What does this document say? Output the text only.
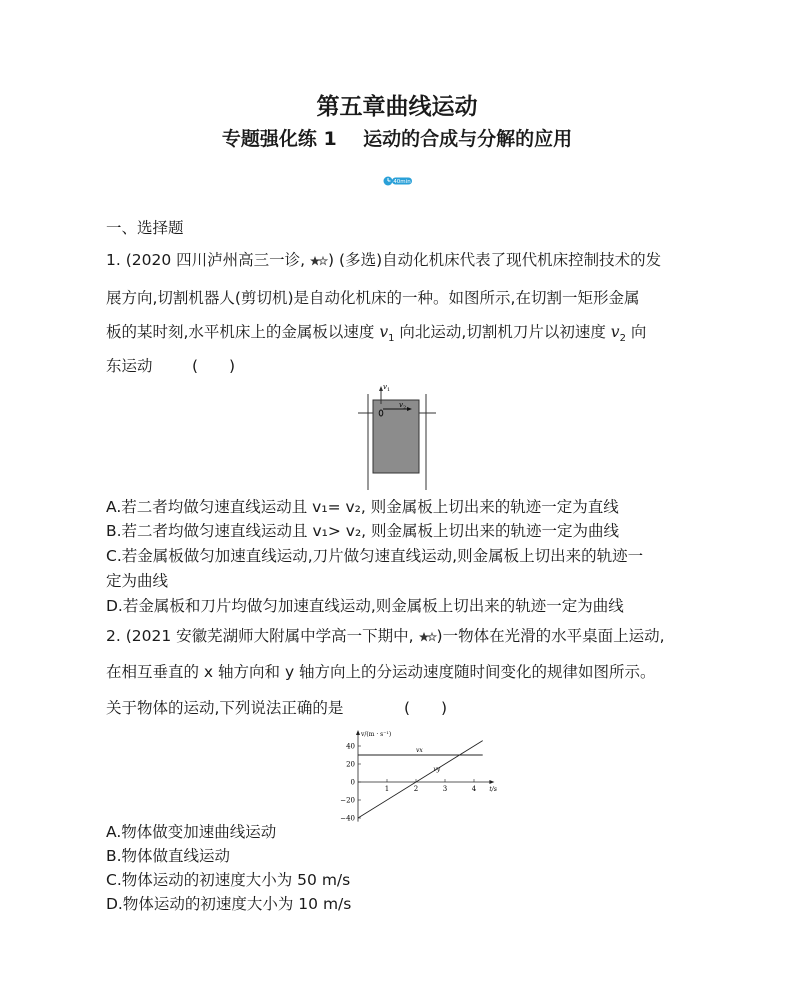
第五章曲线运动
专题强化练 1    运动的合成与分解的应用
40min
一、选择题
1. (2020 四川泸州高三一诊, ) (多选)自动化机床代表了现代机床控制技术的发
展方向,切割机器人(剪切机)是自动化机床的一种。如图所示,在切割一矩形金属
板的某时刻,水平机床上的金属板以速度 $v_1$ 向北运动,切割机刀片以初速度 $v_2$ 向
东运动	(　　)
v 1
v 2
A.若二者均做匀速直线运动且 v₁= v₂, 则金属板上切出来的轨迹一定为直线
B.若二者均做匀速直线运动且 v₁> v₂, 则金属板上切出来的轨迹一定为曲线
C.若金属板做匀加速直线运动,刀片做匀速直线运动,则金属板上切出来的轨迹一
定为曲线
D.若金属板和刀片均做匀加速直线运动,则金属板上切出来的轨迹一定为曲线
2. (2021 安徽芜湖师大附属中学高一下期中, )一物体在光滑的水平桌面上运动,
在相互垂直的 x 轴方向和 y 轴方向上的分运动速度随时间变化的规律如图所示。
关于物体的运动,下列说法正确的是	(　　)
v/(m · s⁻¹)
t/s
40
20
0
−20
−40
1	2	3	4
vx
vy
A.物体做变加速曲线运动
B.物体做直线运动
C.物体运动的初速度大小为 50 m/s
D.物体运动的初速度大小为 10 m/s
